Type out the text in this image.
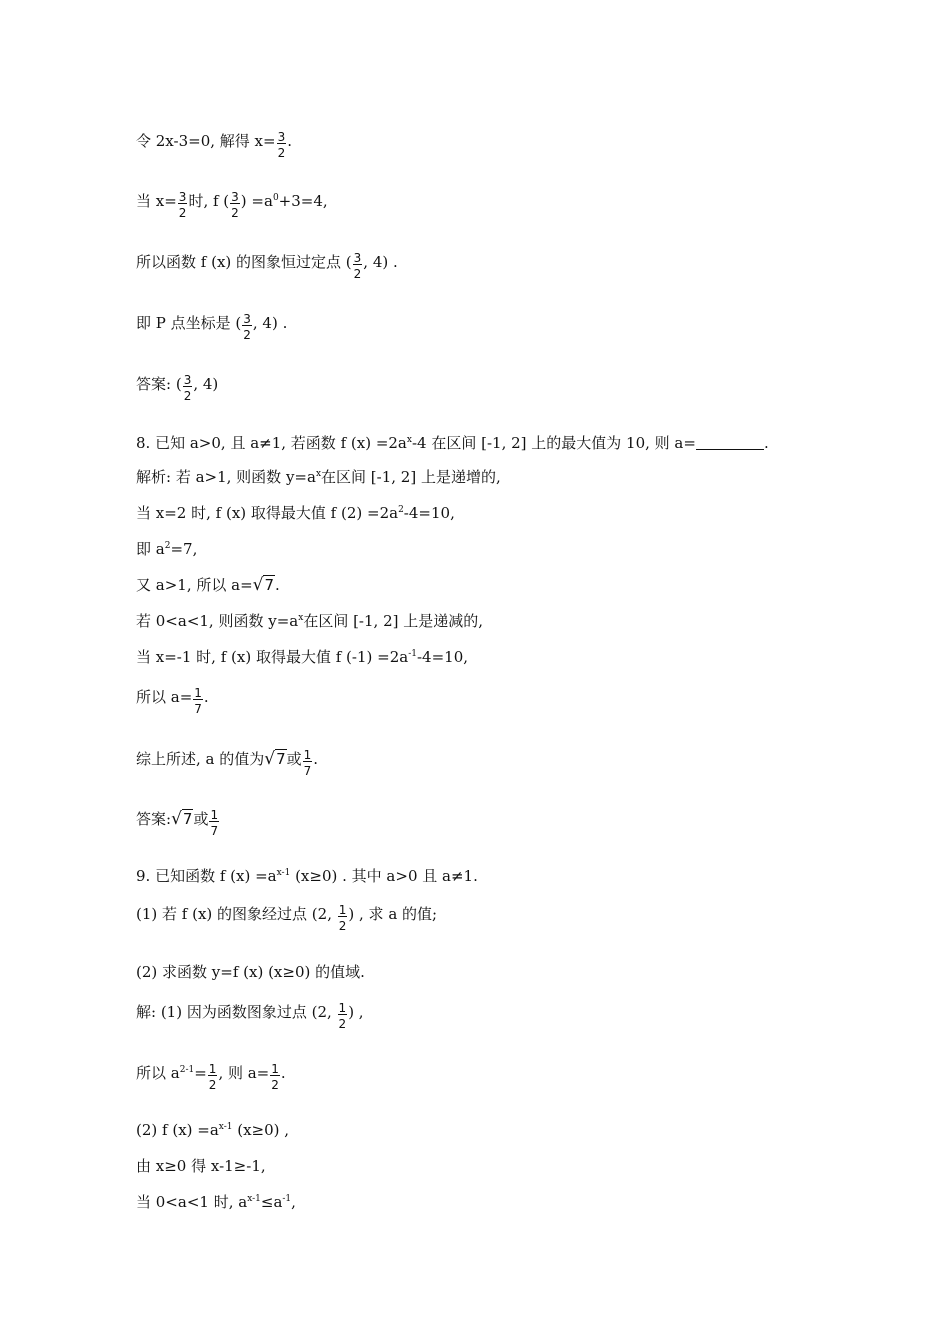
令 2x-3=0, 解得 $x= \frac{3}{2}$ .
当 $x= \frac{3}{2}$ 时, f ( $\frac{3}{2}$ ) $=a^0+3=4$,
所以函数 f (x) 的图象恒过定点 ( $\frac{3}{2}$ , 4) .
即 P 点坐标是 ( $\frac{3}{2}$ , 4) .
答案: ( $\frac{3}{2}$ , 4)
8. 已知 a>0, 且 a≠1, 若函数 f $(x) =2a^x-4$ 在区间 [-1, 2] 上的最大值为 10, 则 a=	.
解析: 若 a>1, 则函数 $y=a^x$在区间 [-1, 2] 上是递增的,
当 x=2 时, f (x) 取得最大值 f $(2) =2a^2-4=10$,
即 $a^2=7$,
又 a>1, 所以 a=√7.
若 0<a<1, 则函数 $y=a^x$在区间 [-1, 2] 上是递减的,
当 x=-1 时, f (x) 取得最大值 f $(-1) =2a^{-1}-4=10$,
所以 $a= \frac{1}{7}$ .
综上所述, a 的值为√7或 $\frac{1}{7}$ .
答案:√7或 $\frac{1}{7}$
9. 已知函数 f $(x) =a^{x-1}$ (x≥0) . 其中 a>0 且 a≠1.
(1) 若 f (x) 的图象经过点 (2, $\frac{1}{2}$ ) , 求 a 的值;
(2) 求函数 y=f (x) (x≥0) 的值域.
解: (1) 因为函数图象过点 (2, $\frac{1}{2}$ ) ,
所以 $a^{2-1}= \frac{1}{2}$ , 则 $a= \frac{1}{2}$ .
(2) f $(x) =a^{x-1}$ (x≥0) ,
由 x≥0 得 x-1≥-1,
当 0<a<1 时, $a^{x-1}\le a^{-1}$,
